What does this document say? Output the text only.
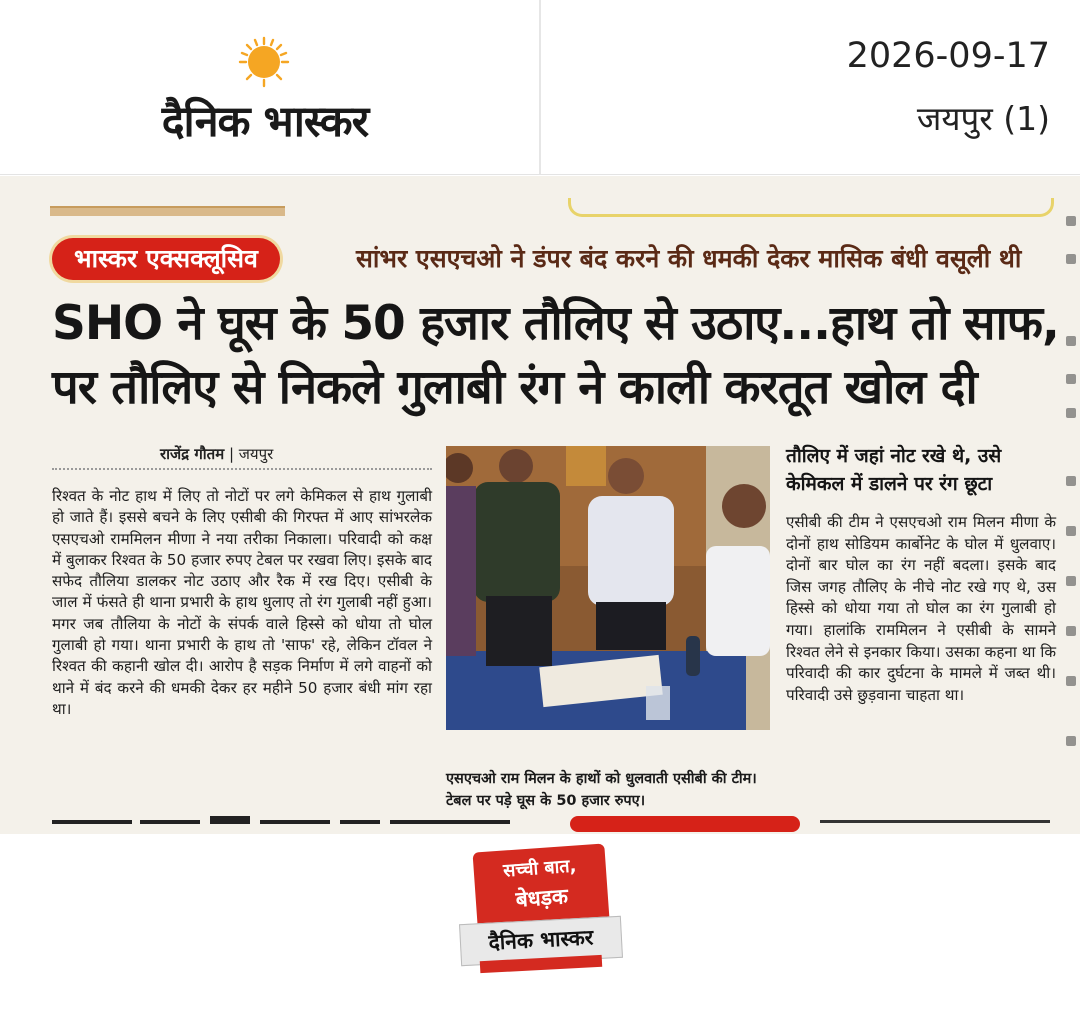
दैनिक भास्कर
2026-09-17
जयपुर (1)
भास्कर एक्सक्लूसिव	सांभर एसएचओ ने डंपर बंद करने की धमकी देकर मासिक बंधी वसूली थी
SHO ने घूस के 50 हजार तौलिए से उठाए...हाथ तो साफ,
पर तौलिए से निकले गुलाबी रंग ने काली करतूत खोल दी
राजेंद्र गौतम | जयपुर
रिश्वत के नोट हाथ में लिए तो नोटों पर लगे केमिकल से हाथ गुलाबी हो जाते हैं। इससे बचने के लिए एसीबी की गिरफ्त में आए सांभरलेक एसएचओ राममिलन मीणा ने नया तरीका निकाला। परिवादी को कक्ष में बुलाकर रिश्वत के 50 हजार रुपए टेबल पर रखवा लिए। इसके बाद सफेद तौलिया डालकर नोट उठाए और रैक में रख दिए। एसीबी के जाल में फंसते ही थाना प्रभारी के हाथ धुलाए तो रंग गुलाबी नहीं हुआ। मगर जब तौलिया के नोटों के संपर्क वाले हिस्से को धोया तो घोल गुलाबी हो गया। थाना प्रभारी के हाथ तो 'साफ' रहे, लेकिन टॉवल ने रिश्वत की कहानी खोल दी। आरोप है सड़क निर्माण में लगे वाहनों को थाने में बंद करने की धमकी देकर हर महीने 50 हजार बंधी मांग रहा था।
एसएचओ राम मिलन के हाथों को धुलवाती एसीबी की टीम। टेबल पर पड़े घूस के 50 हजार रुपए।
तौलिए में जहां नोट रखे थे, उसे केमिकल में डालने पर रंग छूटा
एसीबी की टीम ने एसएचओ राम मिलन मीणा के दोनों हाथ सोडियम कार्बोनेट के घोल में धुलवाए। दोनों बार घोल का रंग नहीं बदला। इसके बाद जिस जगह तौलिए के नीचे नोट रखे गए थे, उस हिस्से को धोया गया तो घोल का रंग गुलाबी हो गया। हालांकि राममिलन ने एसीबी के सामने रिश्वत लेने से इनकार किया। उसका कहना था कि परिवादी की कार दुर्घटना के मामले में जब्त थी। परिवादी उसे छुड़वाना चाहता था।
सच्ची बात,
बेधड़क
दैनिक भास्कर
